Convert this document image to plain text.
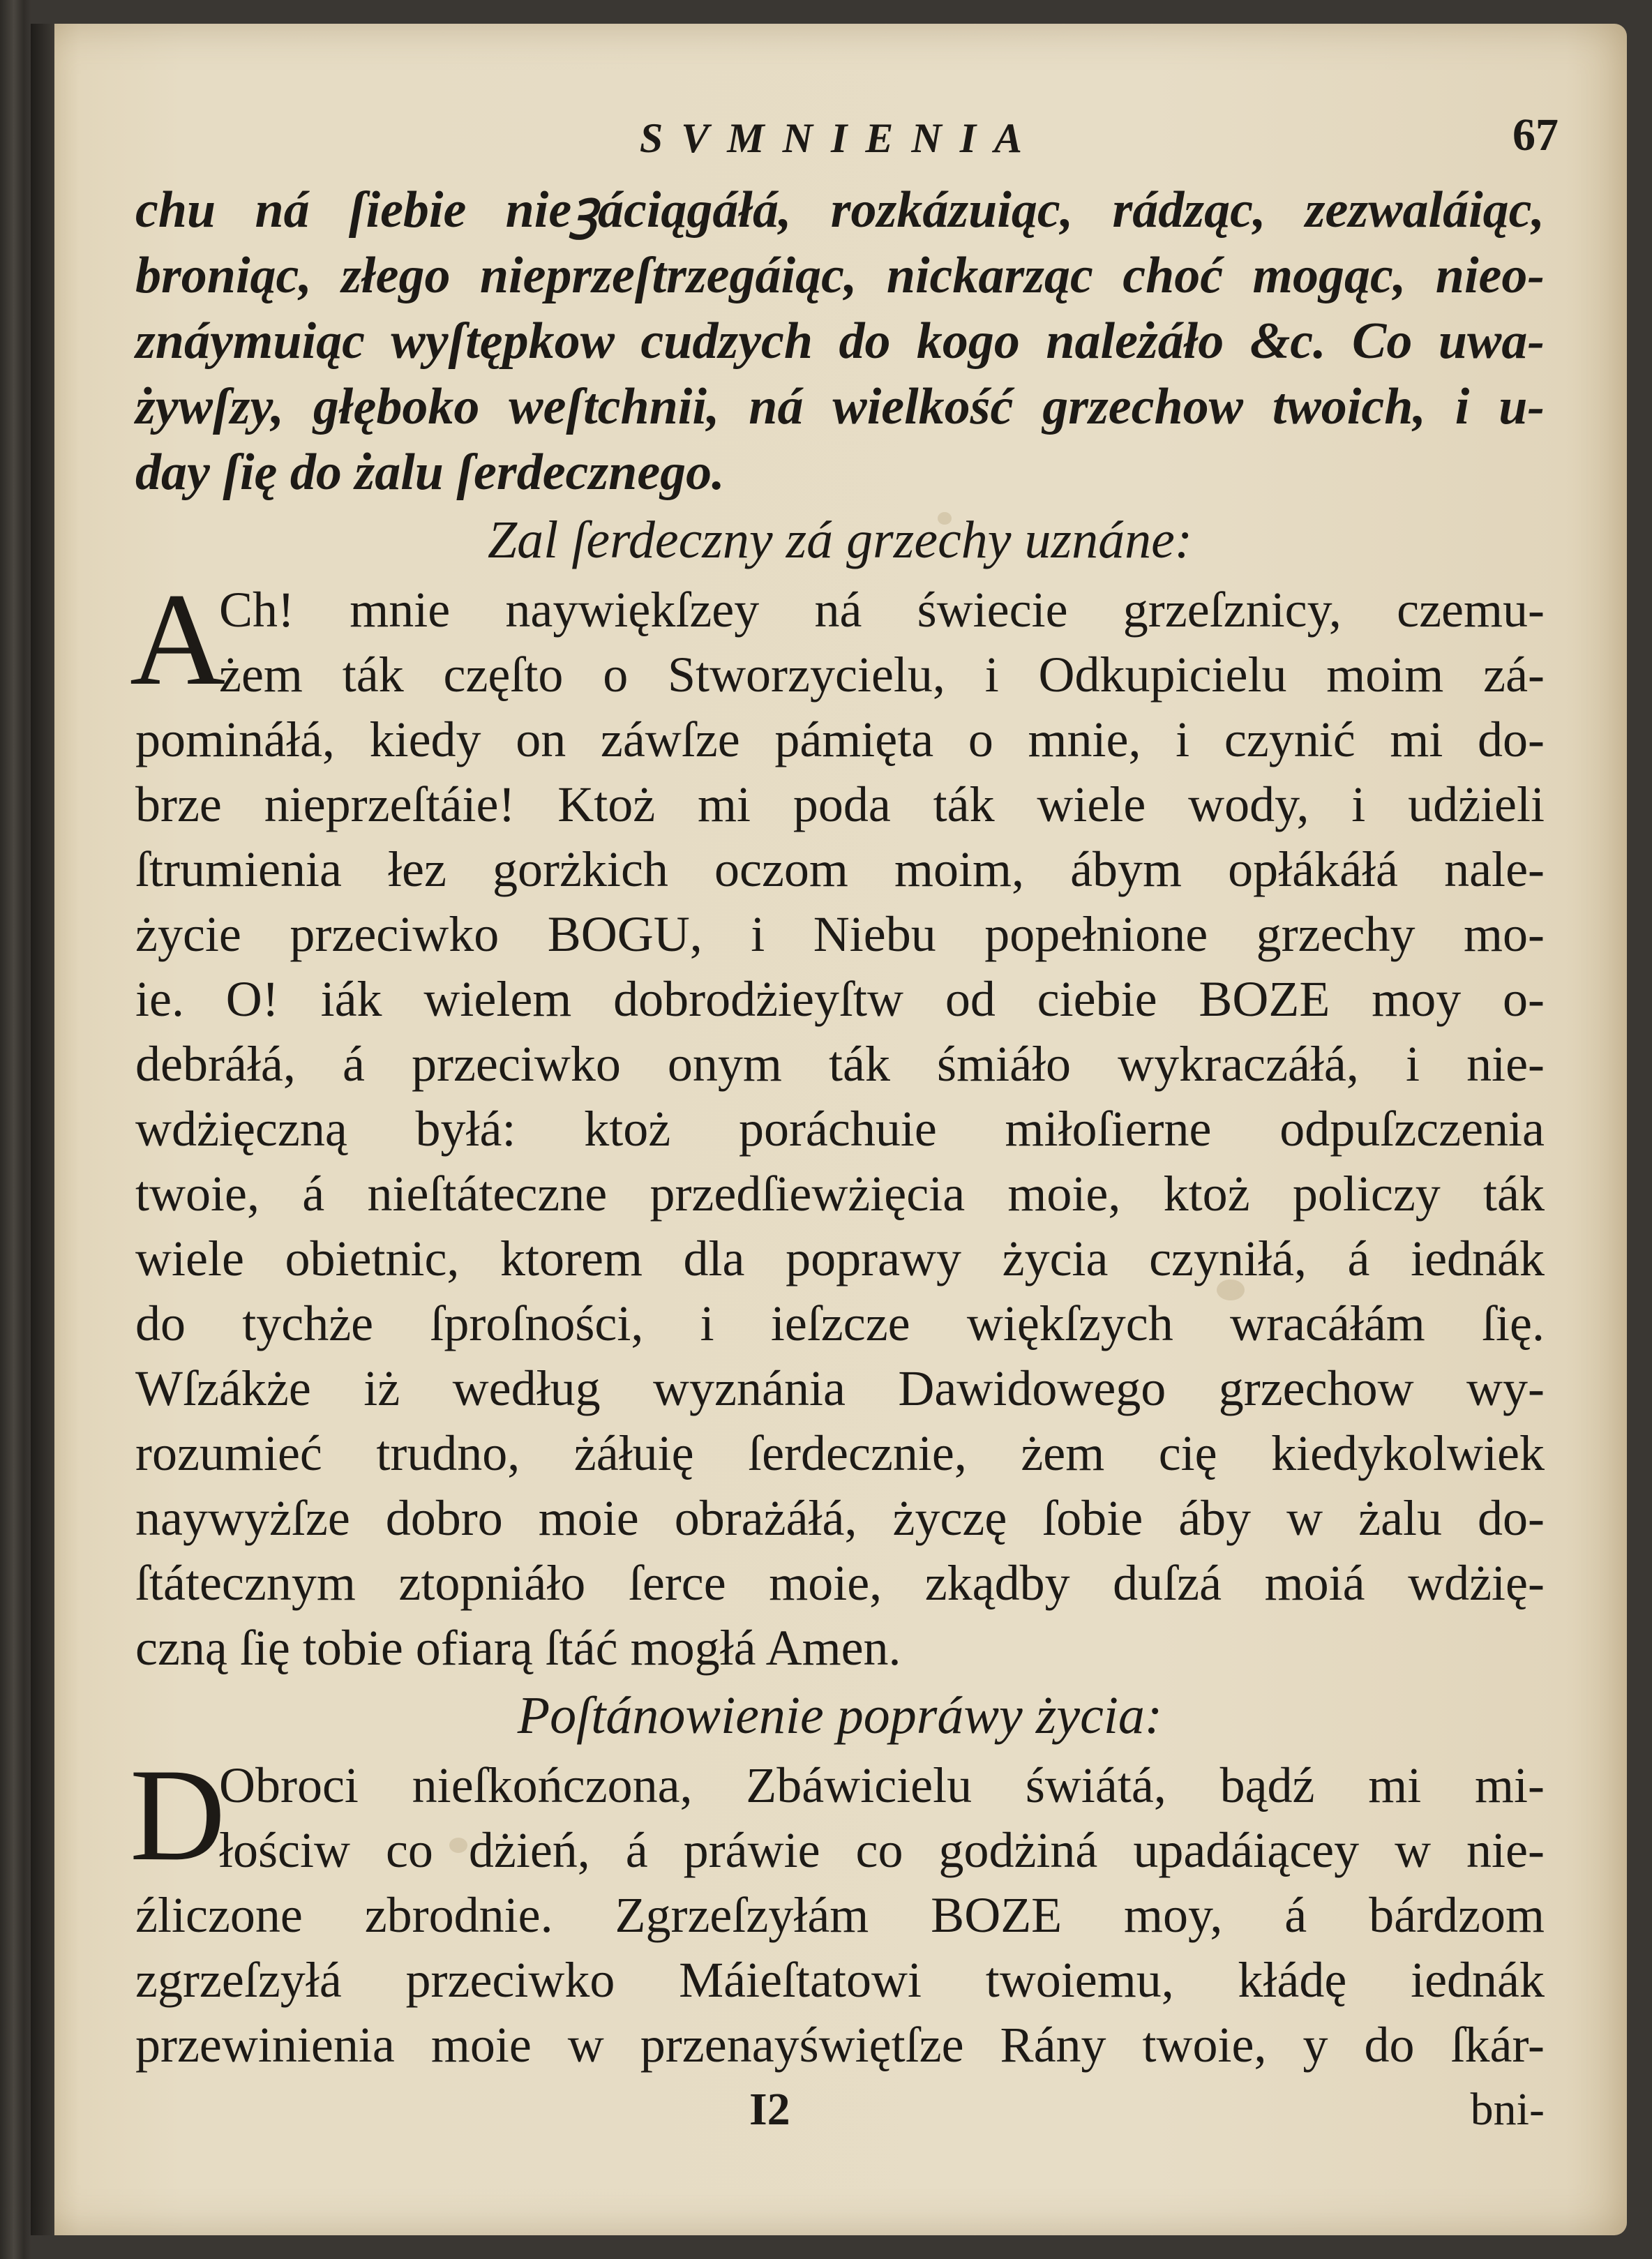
SVMNIENIA	67
chu ná ſiebie nieꝫáciągáłá, rozkázuiąc, rádząc, zezwaláiąc,
broniąc, złego nieprzeſtrzegáiąc, nickarząc choć mogąc, nieo-
znáymuiąc wyſtępkow cudzych do kogo należáło &c. Co uwa-
żywſzy, głęboko weſtchnii, ná wielkość grzechow twoich, i u-
day ſię do żalu ſerdecznego.
Zal ſerdeczny zá grzechy uznáne:
A
Ch! mnie naywiękſzey ná świecie grzeſznicy, czemu-
żem ták częſto o Stworzycielu, i Odkupicielu moim zá-
pomináłá, kiedy on záwſze pámięta o mnie, i czynić mi do-
brze nieprzeſtáie! Ktoż mi poda ták wiele wody, i udżieli
ſtrumienia łez gorżkich oczom moim, ábym opłákáłá nale-
życie przeciwko BOGU, i Niebu popełnione grzechy mo-
ie. O! iák wielem dobrodżieyſtw od ciebie BOZE moy o-
debráłá, á przeciwko onym ták śmiáło wykraczáłá, i nie-
wdżięczną byłá: ktoż poráchuie miłoſierne odpuſzczenia
twoie, á nieſtáteczne przedſiewżięcia moie, ktoż policzy ták
wiele obietnic, ktorem dla poprawy życia czyniłá, á iednák
do tychże ſproſności, i ieſzcze więkſzych wracáłám ſię.
Wſzákże iż według wyznánia Dawidowego grzechow wy-
rozumieć trudno, żáłuię ſerdecznie, żem cię kiedykolwiek
naywyżſze dobro moie obrażáłá, życzę ſobie áby w żalu do-
ſtátecznym ztopniáło ſerce moie, zkądby duſzá moiá wdżię-
czną ſię tobie ofiarą ſtáć mogłá Amen.
Poſtánowienie popráwy życia:
D
Obroci nieſkończona, Zbáwicielu świátá, bądź mi mi-
łościw co dżień, á práwie co godżiná upadáiącey w nie-
źliczone zbrodnie. Zgrzeſzyłám BOZE moy, á bárdzom
zgrzeſzyłá przeciwko Máieſtatowi twoiemu, kłádę iednák
przewinienia moie w przenayświętſze Rány twoie, y do ſkár-
I2	bni-
